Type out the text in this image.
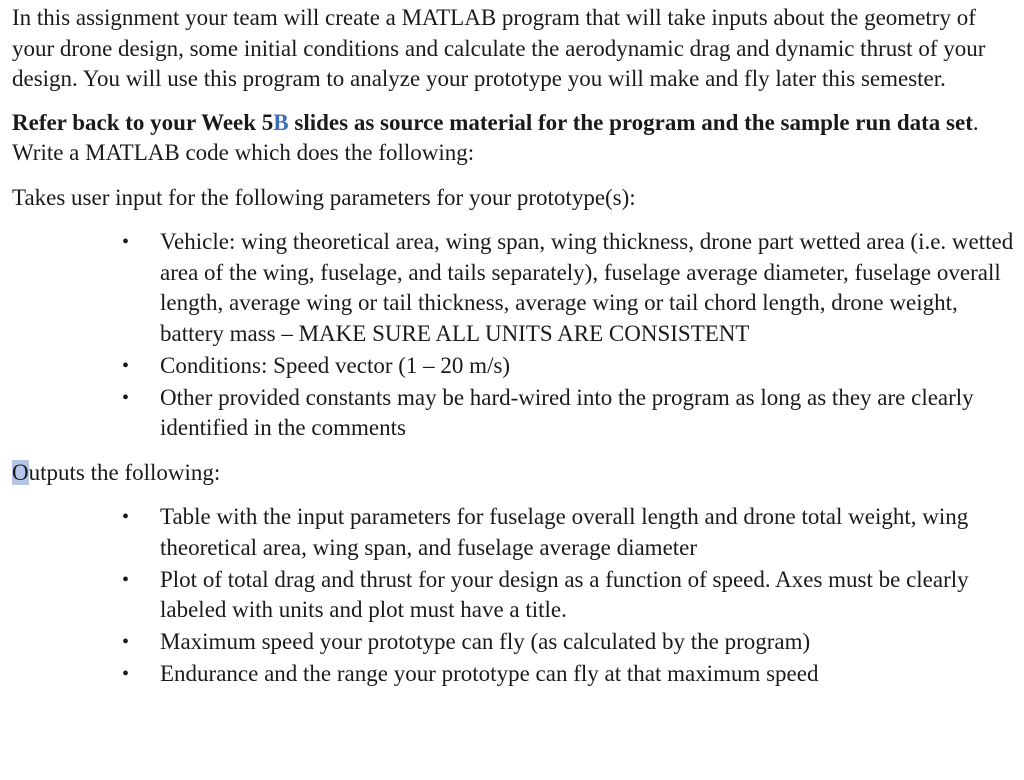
In this assignment your team will create a MATLAB program that will take inputs about the geometry of your drone design, some initial conditions and calculate the aerodynamic drag and dynamic thrust of your design. You will use this program to analyze your prototype you will make and fly later this semester.

Refer back to your Week 5B slides as source material for the program and the sample run data set. Write a MATLAB code which does the following:

Takes user input for the following parameters for your prototype(s):

• Vehicle: wing theoretical area, wing span, wing thickness, drone part wetted area (i.e. wetted area of the wing, fuselage, and tails separately), fuselage average diameter, fuselage overall length, average wing or tail thickness, average wing or tail chord length, drone weight, battery mass – MAKE SURE ALL UNITS ARE CONSISTENT
• Conditions: Speed vector (1 – 20 m/s)
• Other provided constants may be hard-wired into the program as long as they are clearly identified in the comments

Outputs the following:

• Table with the input parameters for fuselage overall length and drone total weight, wing theoretical area, wing span, and fuselage average diameter
• Plot of total drag and thrust for your design as a function of speed. Axes must be clearly labeled with units and plot must have a title.
• Maximum speed your prototype can fly (as calculated by the program)
• Endurance and the range your prototype can fly at that maximum speed
